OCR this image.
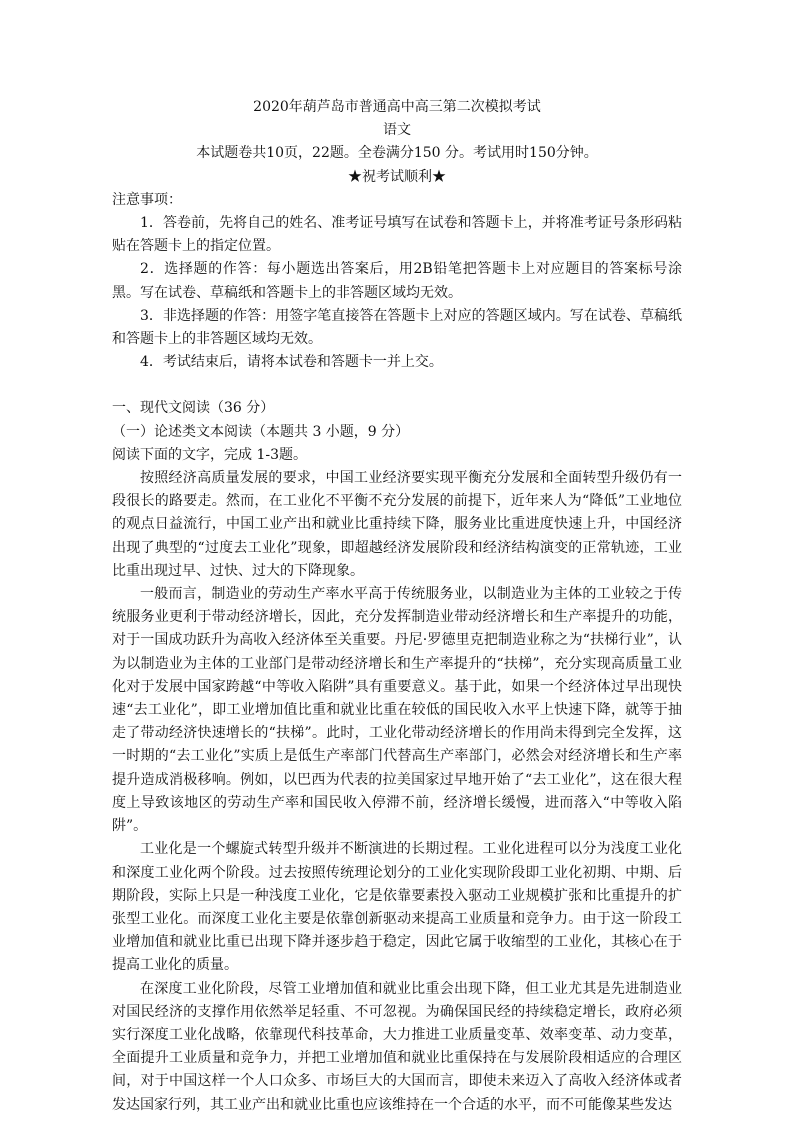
2020年葫芦岛市普通高中高三第二次模拟考试
语文
本试题卷共10页，22题。全卷满分150 分。考试用时150分钟。
★祝考试顺利★

注意事项：

1．答卷前，先将自己的姓名、准考证号填写在试卷和答题卡上，并将准考证号条形码粘贴在答题卡上的指定位置。

2．选择题的作答：每小题选出答案后，用2B铅笔把答题卡上对应题目的答案标号涂黑。写在试卷、草稿纸和答题卡上的非答题区域均无效。

3．非选择题的作答：用签字笔直接答在答题卡上对应的答题区域内。写在试卷、草稿纸和答题卡上的非答题区域均无效。

4．考试结束后，请将本试卷和答题卡一并上交。

一、现代文阅读（36 分）

（一）论述类文本阅读（本题共 3 小题，9 分）

阅读下面的文字，完成 1-3题。

按照经济高质量发展的要求，中国工业经济要实现平衡充分发展和全面转型升级仍有一段很长的路要走。然而，在工业化不平衡不充分发展的前提下，近年来人为“降低”工业地位的观点日益流行，中国工业产出和就业比重持续下降，服务业比重进度快速上升，中国经济出现了典型的“过度去工业化”现象，即超越经济发展阶段和经济结构演变的正常轨迹，工业比重出现过早、过快、过大的下降现象。

一般而言，制造业的劳动生产率水平高于传统服务业，以制造业为主体的工业较之于传统服务业更利于带动经济增长，因此，充分发挥制造业带动经济增长和生产率提升的功能，对于一国成功跃升为高收入经济体至关重要。丹尼·罗德里克把制造业称之为“扶梯行业”，认为以制造业为主体的工业部门是带动经济增长和生产率提升的“扶梯”，充分实现高质量工业化对于发展中国家跨越“中等收入陷阱”具有重要意义。基于此，如果一个经济体过早出现快速“去工业化”，即工业增加值比重和就业比重在较低的国民收入水平上快速下降，就等于抽走了带动经济快速增长的“扶梯”。此时，工业化带动经济增长的作用尚未得到完全发挥，这一时期的“去工业化”实质上是低生产率部门代替高生产率部门，必然会对经济增长和生产率提升造成消极移响。例如，以巴西为代表的拉美国家过早地开始了“去工业化”，这在很大程度上导致该地区的劳动生产率和国民收入停滞不前，经济增长缓慢，进而落入“中等收入陷阱”。

工业化是一个螺旋式转型升级并不断演进的长期过程。工业化进程可以分为浅度工业化和深度工业化两个阶段。过去按照传统理论划分的工业化实现阶段即工业化初期、中期、后期阶段，实际上只是一种浅度工业化，它是依靠要素投入驱动工业规模扩张和比重提升的扩张型工业化。而深度工业化主要是依靠创新驱动来提高工业质量和竞争力。由于这一阶段工业增加值和就业比重已出现下降并逐步趋于稳定，因此它属于收缩型的工业化，其核心在于提高工业化的质量。

在深度工业化阶段，尽管工业增加值和就业比重会出现下降，但工业尤其是先进制造业对国民经济的支撑作用依然举足轻重、不可忽视。为确保国民经的持续稳定增长，政府必须实行深度工业化战略，依靠现代科技革命，大力推进工业质量变革、效率变革、动力变革，全面提升工业质量和竞争力，并把工业增加值和就业比重保持在与发展阶段相适应的合理区间，对于中国这样一个人口众多、市场巨大的大国而言，即使未来迈入了高收入经济体或者发达国家行列，其工业产出和就业比重也应该维持在一个合适的水平，而不可能像某些发达
